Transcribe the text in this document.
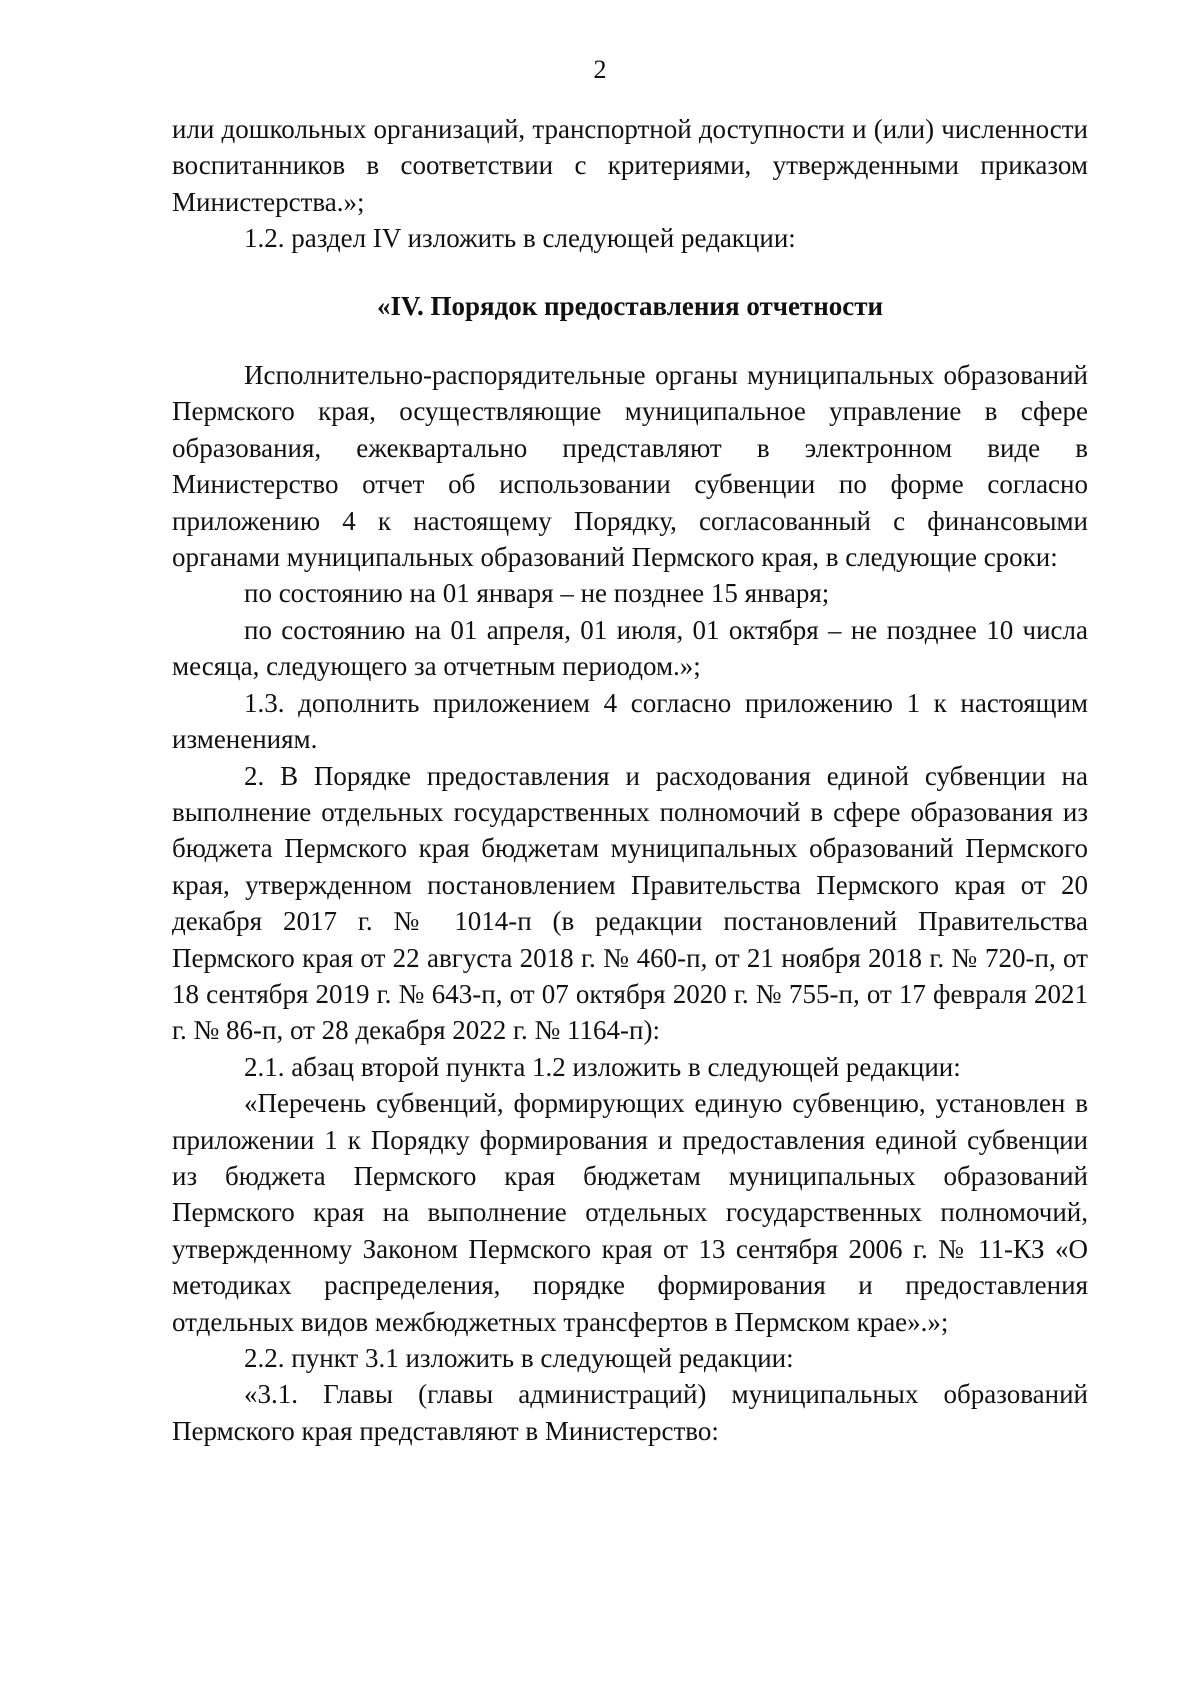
2

или дошкольных организаций, транспортной доступности и (или) численности воспитанников в соответствии с критериями, утвержденными приказом Министерства.»;

1.2. раздел IV изложить в следующей редакции:

«IV. Порядок предоставления отчетности

Исполнительно-распорядительные органы муниципальных образований Пермского края, осуществляющие муниципальное управление в сфере образования, ежеквартально представляют в электронном виде в Министерство отчет об использовании субвенции по форме согласно приложению 4 к настоящему Порядку, согласованный с финансовыми органами муниципальных образований Пермского края, в следующие сроки:

по состоянию на 01 января – не позднее 15 января;

по состоянию на 01 апреля, 01 июля, 01 октября – не позднее 10 числа месяца, следующего за отчетным периодом.»;

1.3. дополнить приложением 4 согласно приложению 1 к настоящим изменениям.

2. В Порядке предоставления и расходования единой субвенции на выполнение отдельных государственных полномочий в сфере образования из бюджета Пермского края бюджетам муниципальных образований Пермского края, утвержденном постановлением Правительства Пермского края от 20 декабря 2017 г. № 1014-п (в редакции постановлений Правительства Пермского края от 22 августа 2018 г. № 460-п, от 21 ноября 2018 г. № 720-п, от 18 сентября 2019 г. № 643-п, от 07 октября 2020 г. № 755-п, от 17 февраля 2021 г. № 86-п, от 28 декабря 2022 г. № 1164-п):

2.1. абзац второй пункта 1.2 изложить в следующей редакции:

«Перечень субвенций, формирующих единую субвенцию, установлен в приложении 1 к Порядку формирования и предоставления единой субвенции из бюджета Пермского края бюджетам муниципальных образований Пермского края на выполнение отдельных государственных полномочий, утвержденному Законом Пермского края от 13 сентября 2006 г. № 11-КЗ «О методиках распределения, порядке формирования и предоставления отдельных видов межбюджетных трансфертов в Пермском крае».»;

2.2. пункт 3.1 изложить в следующей редакции:

«3.1. Главы (главы администраций) муниципальных образований Пермского края представляют в Министерство:
